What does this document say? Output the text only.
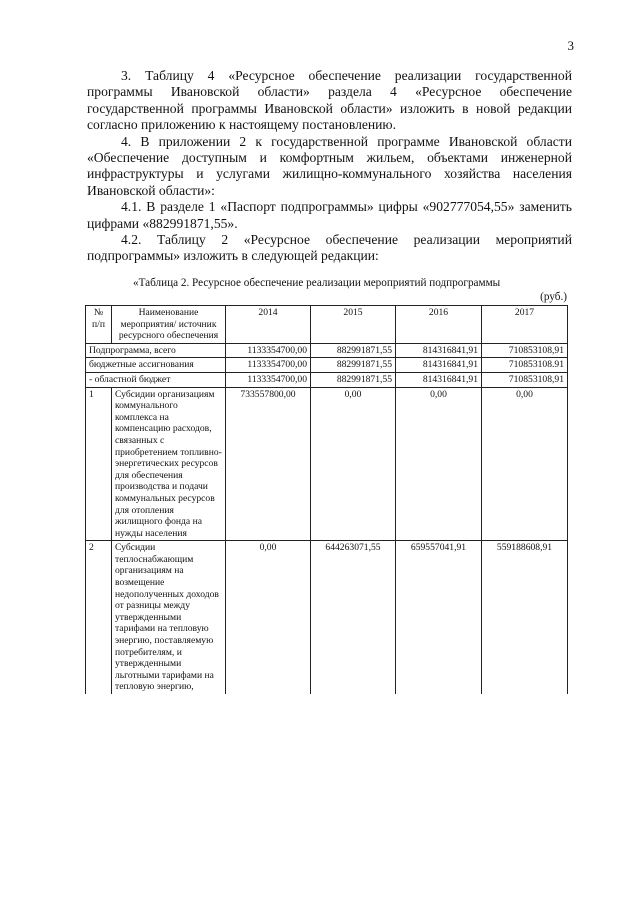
3

3. Таблицу 4 «Ресурсное обеспечение реализации государственной программы Ивановской области» раздела 4 «Ресурсное обеспечение государственной программы Ивановской области» изложить в новой редакции согласно приложению к настоящему постановлению.

4. В приложении 2 к государственной программе Ивановской области «Обеспечение доступным и комфортным жильем, объектами инженерной инфраструктуры и услугами жилищно-коммунального хозяйства населения Ивановской области»:

4.1. В разделе 1 «Паспорт подпрограммы» цифры «902777054,55» заменить цифрами «882991871,55».

4.2. Таблицу 2 «Ресурсное обеспечение реализации мероприятий подпрограммы» изложить в следующей редакции:

«Таблица 2. Ресурсное обеспечение реализации мероприятий подпрограммы
(руб.)
№ п/п	Наименование мероприятия/ источник ресурсного обеспечения	2014	2015	2016	2017
Подпрограмма, всего		1133354700,00	882991871,55	814316841,91	710853108,91
бюджетные ассигнования		1133354700,00	882991871,55	814316841,91	710853108.91
- областной бюджет		1133354700,00	882991871,55	814316841,91	710853108,91
1	Субсидии организациям коммунального комплекса на компенсацию расходов, связанных с приобретением топливно-энергетических ресурсов для обеспечения производства и подачи коммунальных ресурсов для отопления жилищного фонда на нужды населения	733557800,00	0,00	0,00	0,00
2	Субсидии теплоснабжающим организациям на возмещение недополученных доходов от разницы между утвержденными тарифами на тепловую энергию, поставляемую потребителям, и утвержденными льготными тарифами на тепловую энергию,	0,00	644263071,55	659557041,91	559188608,91
